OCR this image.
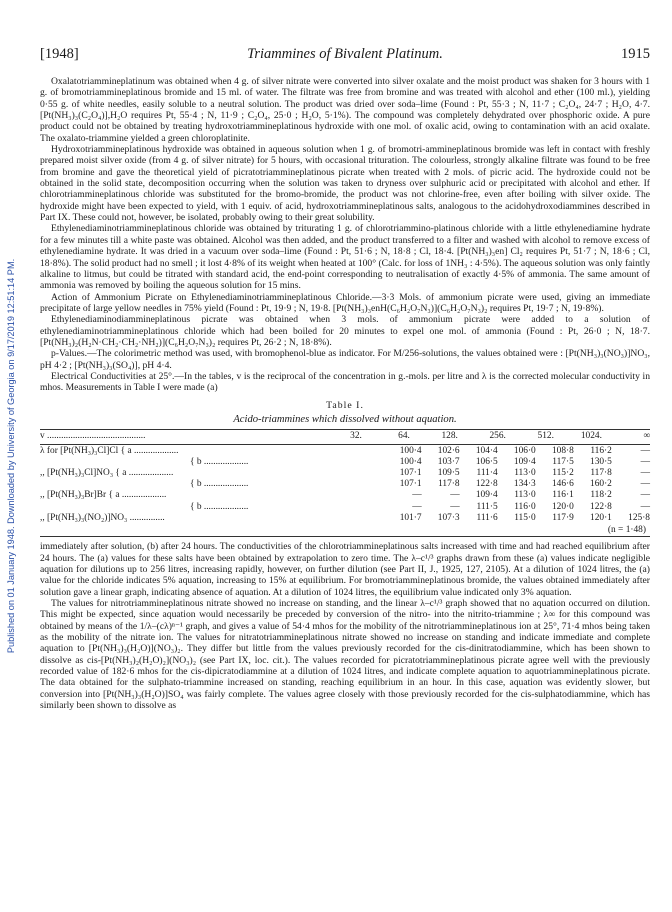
Published on 01 January 1948. Downloaded by University of Georgia on 9/17/2019 12:51:14 PM.
[1948]	Triammines of Bivalent Platinum.	1915

Oxalatotriammineplatinum was obtained when 4 g. of silver nitrate were converted into silver oxalate and the moist product was shaken for 3 hours with 1 g. of bromotriammineplatinous bromide and 15 ml. of water. The filtrate was free from bromine and was treated with alcohol and ether (100 ml.), yielding 0·55 g. of white needles, easily soluble to a neutral solution. The product was dried over soda–lime (Found : Pt, 55·3 ; N, 11·7 ; C₂O₄, 24·7 ; H₂O, 4·7. [Pt(NH₃)₃(C₂O₄)],H₂O requires Pt, 55·4 ; N, 11·9 ; C₂O₄, 25·0 ; H₂O, 5·1%). The compound was completely dehydrated over phosphoric oxide. A pure product could not be obtained by treating hydroxotriammineplatinous hydroxide with one mol. of oxalic acid, owing to contamination with an acid oxalate. The oxalato-triammine yielded a green chloroplatinite.

Hydroxotriammineplatinous hydroxide was obtained in aqueous solution when 1 g. of bromotri-ammineplatinous bromide was left in contact with freshly prepared moist silver oxide (from 4 g. of silver nitrate) for 5 hours, with occasional trituration. The colourless, strongly alkaline filtrate was found to be free from bromine and gave the theoretical yield of picratotriammineplatinous picrate when treated with 2 mols. of picric acid. The hydroxide could not be obtained in the solid state, decomposition occurring when the solution was taken to dryness over sulphuric acid or precipitated with alcohol and ether. If chlorotriammineplatinous chloride was substituted for the bromo-bromide, the product was not chlorine-free, even after boiling with silver oxide. The hydroxide might have been expected to yield, with 1 equiv. of acid, hydroxotriammineplatinous salts, analogous to the acidohydroxodiammines described in Part IX. These could not, however, be isolated, probably owing to their great solubility.

Ethylenediaminotriammineplatinous chloride was obtained by triturating 1 g. of chlorotriammino-platinous chloride with a little ethylenediamine hydrate for a few minutes till a white paste was obtained. Alcohol was then added, and the product transferred to a filter and washed with alcohol to remove excess of ethylenediamine hydrate. It was dried in a vacuum over soda–lime (Found : Pt, 51·6 ; N, 18·8 ; Cl, 18·4. [Pt(NH₃)₃en] Cl₂ requires Pt, 51·7 ; N, 18·6 ; Cl, 18·8%). The solid product had no smell ; it lost 4·8% of its weight when heated at 100° (Calc. for loss of 1NH₃ : 4·5%). The aqueous solution was only faintly alkaline to litmus, but could be titrated with standard acid, the end-point corresponding to neutralisation of exactly 4·5% of ammonia. The same amount of ammonia was removed by boiling the aqueous solution for 15 mins.

Action of Ammonium Picrate on Ethylenediaminotriammineplatinous Chloride.—3·3 Mols. of ammonium picrate were used, giving an immediate precipitate of large yellow needles in 75% yield (Found : Pt, 19·9 ; N, 19·8. [Pt(NH₃)₃enH(C₆H₂O₇N₃)](C₆H₂O₇N₃)₂ requires Pt, 19·7 ; N, 19·8%).

Ethylenediaminodiammineplatinous picrate was obtained when 3 mols. of ammonium picrate were added to a solution of ethylenediaminotriammineplatinous chloride which had been boiled for 20 minutes to expel one mol. of ammonia (Found : Pt, 26·0 ; N, 18·7. [Pt(NH₃)₂(H₂N·CH₂·CH₂·NH₂)](C₆H₂O₇N₃)₂ requires Pt, 26·2 ; N, 18·8%).

p-Values.—The colorimetric method was used, with bromophenol-blue as indicator. For M/256-solutions, the values obtained were : [Pt(NH₃)₃(NO₃)]NO₃, pH 4·2 ; [Pt(NH₃)₃(SO₄)], pH 4·4.

Electrical Conductivities at 25°.—In the tables, v is the reciprocal of the concentration in g.-mols. per litre and λ is the corrected molecular conductivity in mhos. Measurements in Table I were made (a)

Table I.
Acido-triammines which dissolved without aquation.
v ..........................................	32.	64.	128.	256.	512.	1024.	∞
λ for [Pt(NH₃)₃Cl]Cl { a ...................	100·4	102·6	104·4	106·0	108·8	116·2	—
{ b ...................	100·4	103·7	106·5	109·4	117·5	130·5	—
,, [Pt(NH₃)₃Cl]NO₃ { a ...................	107·1	109·5	111·4	113·0	115·2	117·8	—
{ b ...................	107·1	117·8	122·8	134·3	146·6	160·2	—
,, [Pt(NH₃)₃Br]Br { a ...................	—	—	109·4	113·0	116·1	118·2	—
{ b ...................	—	—	111·5	116·0	120·0	122·8	—
,, [Pt(NH₃)₃(NO₂)]NO₃ ...............	101·7	107·3	111·6	115·0	117·9	120·1	125·8
(n = 1·48)

immediately after solution, (b) after 24 hours. The conductivities of the chlorotriammineplatinous salts increased with time and had reached equilibrium after 24 hours. The (a) values for these salts have been obtained by extrapolation to zero time. The λ–c¹/³ graphs drawn from these (a) values indicate negligible aquation for dilutions up to 256 litres, increasing rapidly, however, on further dilution (see Part II, J., 1925, 127, 2105). At a dilution of 1024 litres, the (a) value for the chloride indicates 5% aquation, increasing to 15% at equilibrium. For bromotriammineplatinous bromide, the values obtained immediately after solution gave a linear graph, indicating absence of aquation. At a dilution of 1024 litres, the equilibrium value indicated only 3% aquation.

The values for nitrotriammineplatinous nitrate showed no increase on standing, and the linear λ–c¹/³ graph showed that no aquation occurred on dilution. This might be expected, since aquation would necessarily be preceded by conversion of the nitro- into the nitrito-triammine ; λ∞ for this compound was obtained by means of the 1/λ–(cλ)ⁿ⁻¹ graph, and gives a value of 54·4 mhos for the mobility of the nitrotriammineplatinous ion at 25°, 71·4 mhos being taken as the mobility of the nitrate ion. The values for nitratotriammineplatinous nitrate showed no increase on standing and indicate immediate and complete aquation to [Pt(NH₃)₃(H₂O)](NO₃)₂. They differ but little from the values previously recorded for the cis-dinitratodiammine, which has been shown to dissolve as cis-[Pt(NH₃)₂(H₂O)₂](NO₃)₂ (see Part IX, loc. cit.). The values recorded for picratotriammineplatinous picrate agree well with the previously recorded value of 182·6 mhos for the cis-dipicratodiammine at a dilution of 1024 litres, and indicate complete aquation to aquotriammineplatinous picrate. The data obtained for the sulphato-triammine increased on standing, reaching equilibrium in an hour. In this case, aquation was evidently slower, but conversion into [Pt(NH₃)₃(H₂O)]SO₄ was fairly complete. The values agree closely with those previously recorded for the cis-sulphatodiammine, which has similarly been shown to dissolve as
